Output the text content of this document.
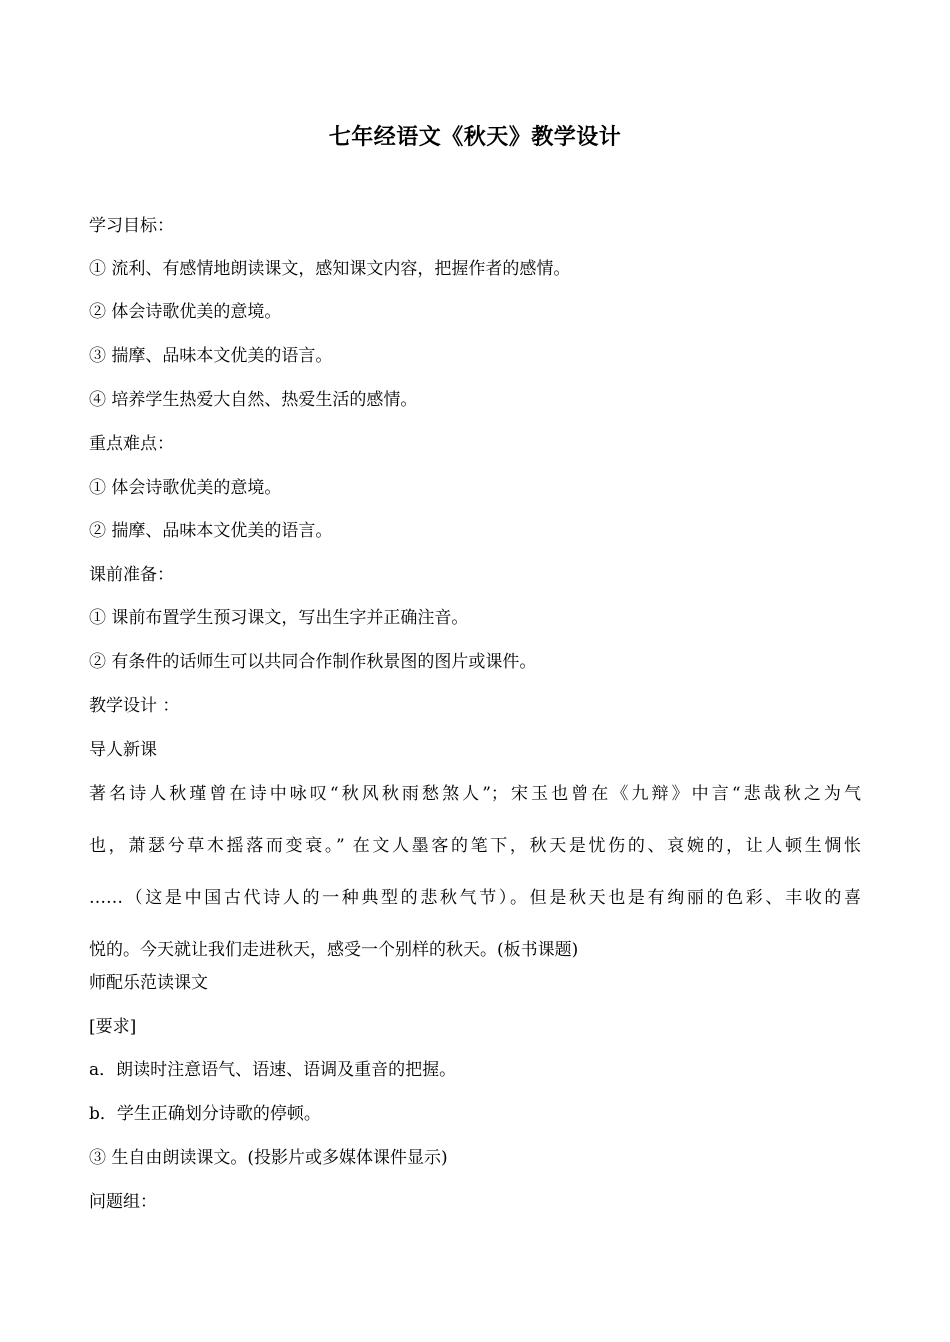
七年经语文《秋天》教学设计
学习目标：
① 流利、有感情地朗读课文，感知课文内容，把握作者的感情。
② 体会诗歌优美的意境。
③ 揣摩、品味本文优美的语言。
④ 培养学生热爱大自然、热爱生活的感情。
重点难点：
① 体会诗歌优美的意境。
② 揣摩、品味本文优美的语言。
课前准备：
① 课前布置学生预习课文，写出生字并正确注音。
② 有条件的话师生可以共同合作制作秋景图的图片或课件。
教学设计 ：
导人新课
著名诗人秋瑾曾在诗中咏叹“秋风秋雨愁煞人”；宋玉也曾在《九辩》中言“悲哉秋之为气
也，萧瑟兮草木摇落而变衰。” 在文人墨客的笔下，秋天是忧伤的、哀婉的，让人顿生惆怅
……（这是中国古代诗人的一种典型的悲秋气节）。但是秋天也是有绚丽的色彩、丰收的喜
悦的。今天就让我们走进秋天，感受一个别样的秋天。(板书课题)
师配乐范读课文
[要求]
a．朗读时注意语气、语速、语调及重音的把握。
b．学生正确划分诗歌的停顿。
③ 生自由朗读课文。(投影片或多媒体课件显示)
问题组：
